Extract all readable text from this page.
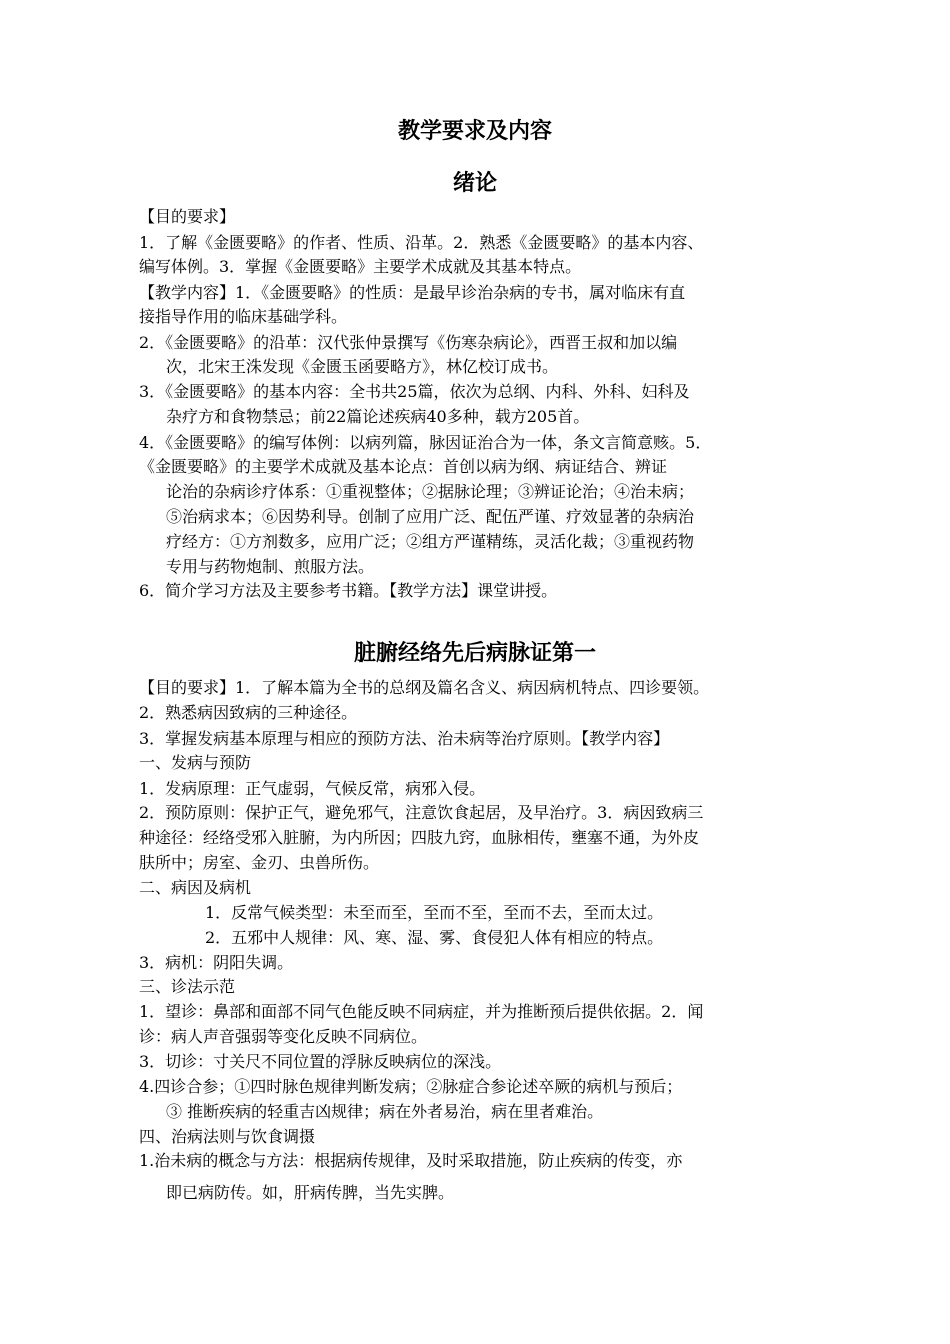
教学要求及内容
绪论
【目的要求】
1．了解《金匮要略》的作者、性质、沿革。2．熟悉《金匮要略》的基本内容、
编写体例。3．掌握《金匮要略》主要学术成就及其基本特点。
【教学内容】1．《金匮要略》的性质：是最早诊治杂病的专书，属对临床有直
接指导作用的临床基础学科。
2．《金匮要略》的沿革：汉代张仲景撰写《伤寒杂病论》，西晋王叔和加以编
次，北宋王洙发现《金匮玉函要略方》，林亿校订成书。
3．《金匮要略》的基本内容：全书共25篇，依次为总纲、内科、外科、妇科及
杂疗方和食物禁忌；前22篇论述疾病40多种，载方205首。
4．《金匮要略》的编写体例：以病列篇，脉因证治合为一体，条文言简意赅。5．
《金匮要略》的主要学术成就及基本论点：首创以病为纲、病证结合、辨证
论治的杂病诊疗体系：①重视整体；②据脉论理；③辨证论治；④治未病；
⑤治病求本；⑥因势利导。创制了应用广泛、配伍严谨、疗效显著的杂病治
疗经方：①方剂数多，应用广泛；②组方严谨精练，灵活化裁；③重视药物
专用与药物炮制、煎服方法。
6．简介学习方法及主要参考书籍。【教学方法】课堂讲授。
脏腑经络先后病脉证第一
【目的要求】1．了解本篇为全书的总纲及篇名含义、病因病机特点、四诊要领。
2．熟悉病因致病的三种途径。
3．掌握发病基本原理与相应的预防方法、治未病等治疗原则。【教学内容】
一、发病与预防
1．发病原理：正气虚弱，气候反常，病邪入侵。
2．预防原则：保护正气，避免邪气，注意饮食起居，及早治疗。3．病因致病三
种途径：经络受邪入脏腑，为内所因；四肢九窍，血脉相传，壅塞不通，为外皮
肤所中；房室、金刃、虫兽所伤。
二、病因及病机
1．反常气候类型：未至而至，至而不至，至而不去，至而太过。
2．五邪中人规律：风、寒、湿、雾、食侵犯人体有相应的特点。
3．病机：阴阳失调。
三、诊法示范
1．望诊：鼻部和面部不同气色能反映不同病症，并为推断预后提供依据。2．闻
诊：病人声音强弱等变化反映不同病位。
3．切诊：寸关尺不同位置的浮脉反映病位的深浅。
4.四诊合参；①四时脉色规律判断发病；②脉症合参论述卒厥的病机与预后；
③ 推断疾病的轻重吉凶规律；病在外者易治，病在里者难治。
四、治病法则与饮食调摄
1.治未病的概念与方法：根据病传规律，及时采取措施，防止疾病的传变，亦
即已病防传。如，肝病传脾，当先实脾。
